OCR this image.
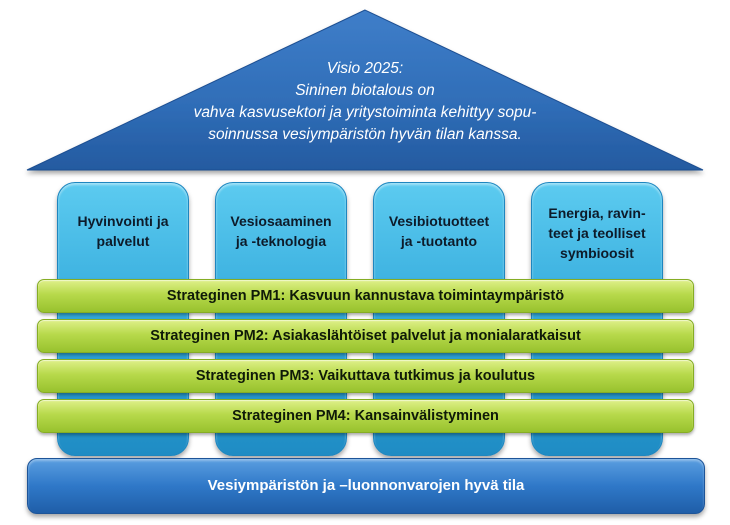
Visio 2025:
Sininen biotalous on
vahva kasvusektori ja yritystoiminta kehittyy sopu-
soinnussa vesiympäristön hyvän tilan kanssa.
Hyvinvointi ja
palvelut
Vesiosaaminen
ja -teknologia
Vesibiotuotteet
ja -tuotanto
Energia, ravin-
teet ja teolliset
symbioosit
Strateginen PM1: Kasvuun kannustava toimintaympäristö
Strateginen PM2: Asiakaslähtöiset palvelut ja monialaratkaisut
Strateginen PM3: Vaikuttava tutkimus ja koulutus
Strateginen PM4: Kansainvälistyminen
Vesiympäristön ja –luonnonvarojen hyvä tila
